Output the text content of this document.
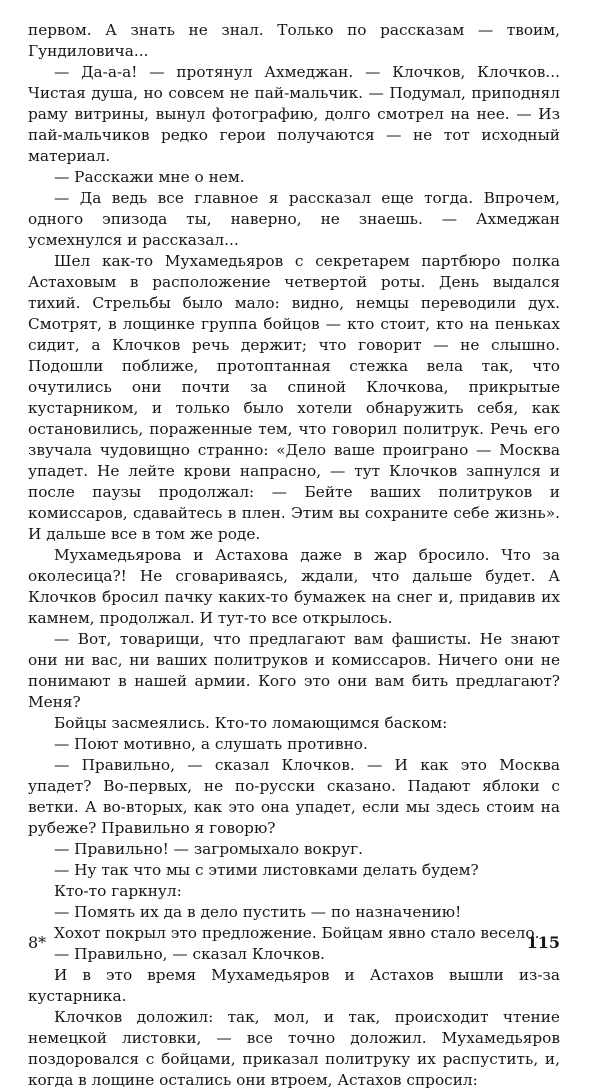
первом. А знать не знал. Только по рассказам — твоим, Гундиловича...

— Да-а-а! — протянул Ахмеджан. — Клочков, Клочков... Чистая душа, но совсем не пай-мальчик. — Подумал, приподнял раму витрины, вынул фотографию, долго смотрел на нее. — Из пай-мальчиков редко герои получаются — не тот исходный материал.

— Расскажи мне о нем.

— Да ведь все главное я рассказал еще тогда. Впрочем, одного эпизода ты, наверно, не знаешь. — Ахмеджан усмехнулся и рассказал...

Шел как-то Мухамедьяров с секретарем партбюро полка Астаховым в расположение четвертой роты. День выдался тихий. Стрельбы было мало: видно, немцы переводили дух. Смотрят, в лощинке группа бойцов — кто стоит, кто на пеньках сидит, а Клочков речь держит; что говорит — не слышно. Подошли поближе, протоптанная стежка вела так, что очутились они почти за спиной Клочкова, прикрытые кустарником, и только было хотели обнаружить себя, как остановились, пораженные тем, что говорил политрук. Речь его звучала чудовищно странно: «Дело ваше проиграно — Москва упадет. Не лейте крови напрасно, — тут Клочков запнулся и после паузы продолжал: — Бейте ваших политруков и комиссаров, сдавайтесь в плен. Этим вы сохраните себе жизнь». И дальше все в том же роде.

Мухамедьярова и Астахова даже в жар бросило. Что за околесица?! Не сговариваясь, ждали, что дальше будет. А Клочков бросил пачку каких-то бумажек на снег и, придавив их камнем, продолжал. И тут-то все открылось.

— Вот, товарищи, что предлагают вам фашисты. Не знают они ни вас, ни ваших политруков и комиссаров. Ничего они не понимают в нашей армии. Кого это они вам бить предлагают? Меня?

Бойцы засмеялись. Кто-то ломающимся баском:

— Поют мотивно, а слушать противно.

— Правильно, — сказал Клочков. — И как это Москва упадет? Во-первых, не по-русски сказано. Падают яблоки с ветки. А во-вторых, как это она упадет, если мы здесь стоим на рубеже? Правильно я говорю?

— Правильно! — загромыхало вокруг.

— Ну так что мы с этими листовками делать будем?

Кто-то гаркнул:

— Помять их да в дело пустить — по назначению!

Хохот покрыл это предложение. Бойцам явно стало весело.

— Правильно, — сказал Клочков.

И в это время Мухамедьяров и Астахов вышли из-за кустарника.

Клочков доложил: так, мол, и так, происходит чтение немецкой листовки, — все точно доложил. Мухамедьяров поздоровался с бойцами, приказал политруку их распустить, и, когда в лощине остались они втроем, Астахов спросил:

8*	115
